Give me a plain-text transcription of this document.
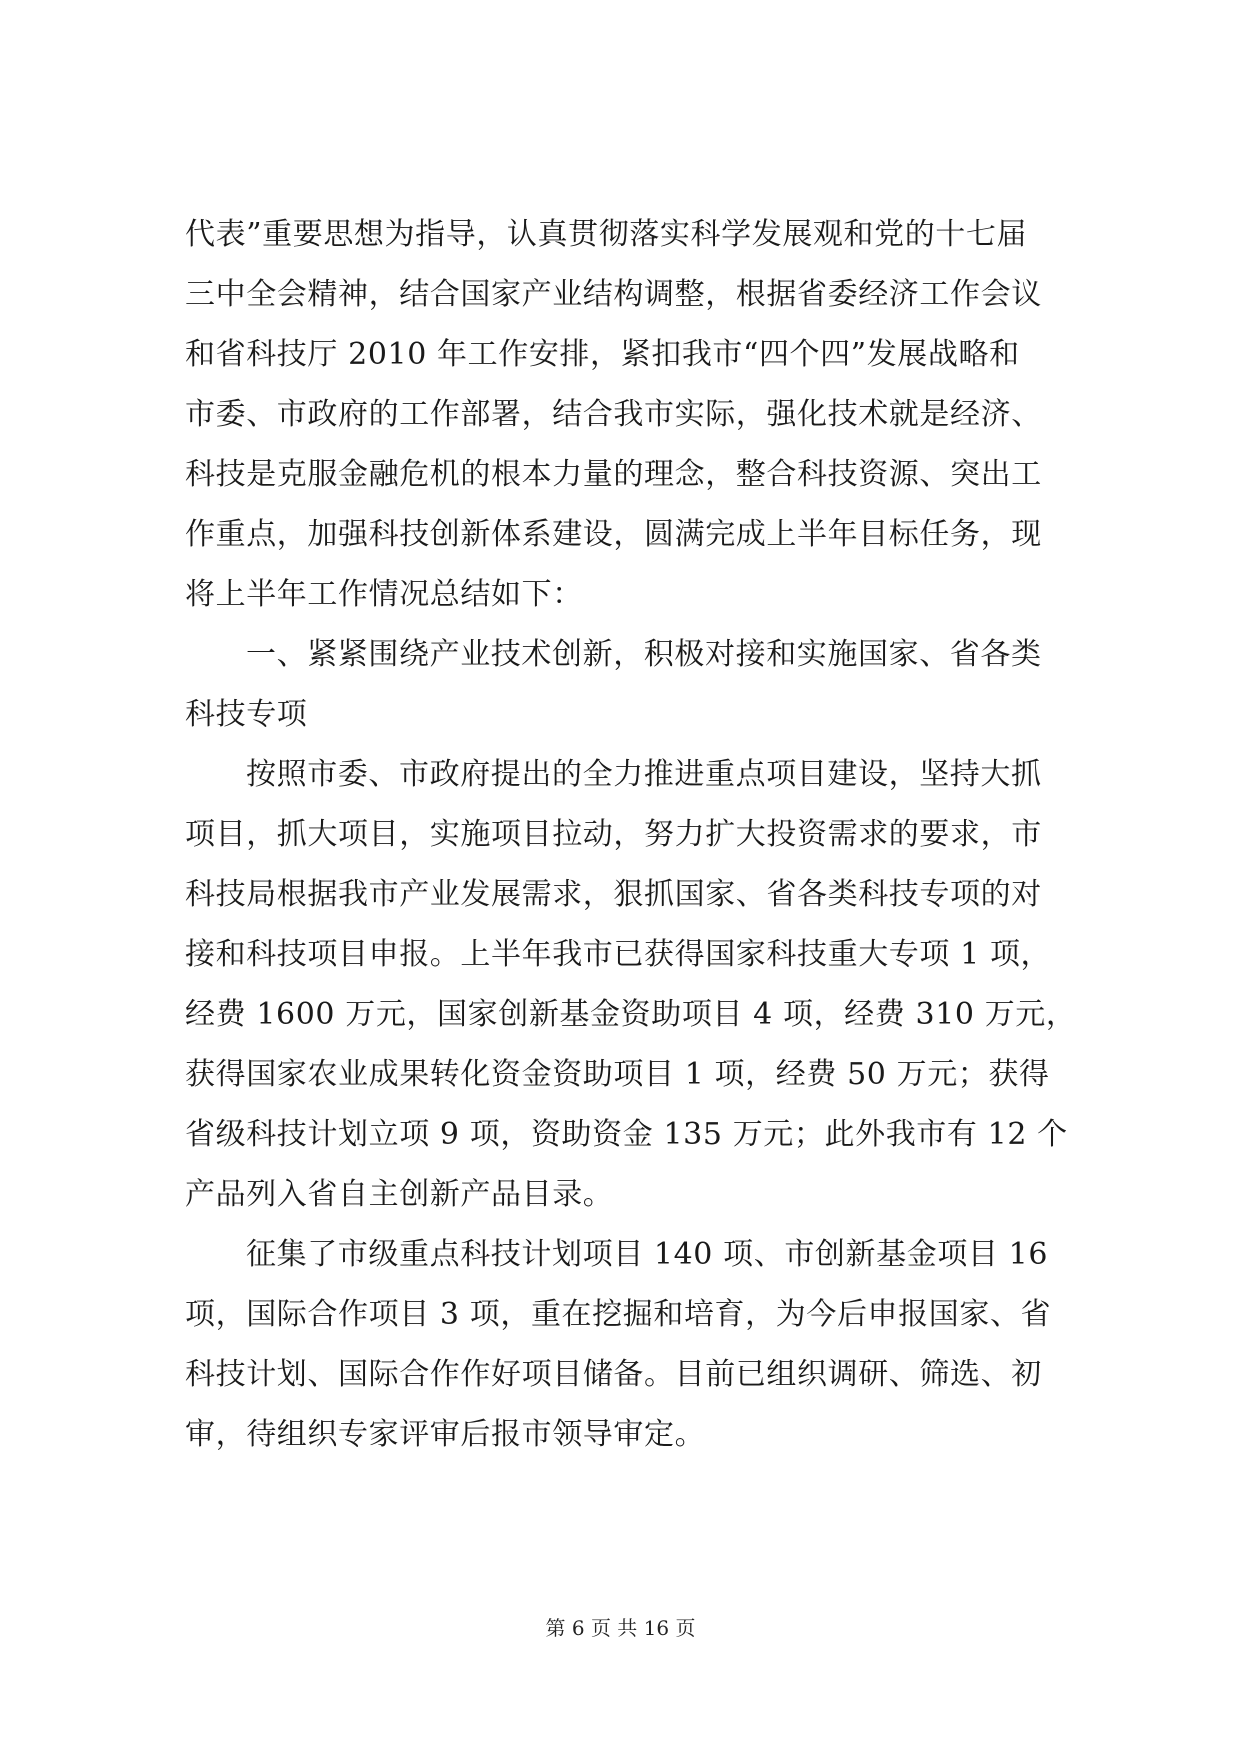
代表”重要思想为指导，认真贯彻落实科学发展观和党的十七届
三中全会精神，结合国家产业结构调整，根据省委经济工作会议
和省科技厅 2010 年工作安排，紧扣我市“四个四”发展战略和
市委、市政府的工作部署，结合我市实际，强化技术就是经济、
科技是克服金融危机的根本力量的理念，整合科技资源、突出工
作重点，加强科技创新体系建设，圆满完成上半年目标任务，现
将上半年工作情况总结如下：
一、紧紧围绕产业技术创新，积极对接和实施国家、省各类
科技专项
按照市委、市政府提出的全力推进重点项目建设，坚持大抓
项目，抓大项目，实施项目拉动，努力扩大投资需求的要求，市
科技局根据我市产业发展需求，狠抓国家、省各类科技专项的对
接和科技项目申报。上半年我市已获得国家科技重大专项 1 项，
经费 1600 万元，国家创新基金资助项目 4 项，经费 310 万元，
获得国家农业成果转化资金资助项目 1 项，经费 50 万元；获得
省级科技计划立项 9 项，资助资金 135 万元；此外我市有 12 个
产品列入省自主创新产品目录。
征集了市级重点科技计划项目 140 项、市创新基金项目 16
项，国际合作项目 3 项，重在挖掘和培育，为今后申报国家、省
科技计划、国际合作作好项目储备。目前已组织调研、筛选、初
审，待组织专家评审后报市领导审定。
第 6 页 共 16 页
